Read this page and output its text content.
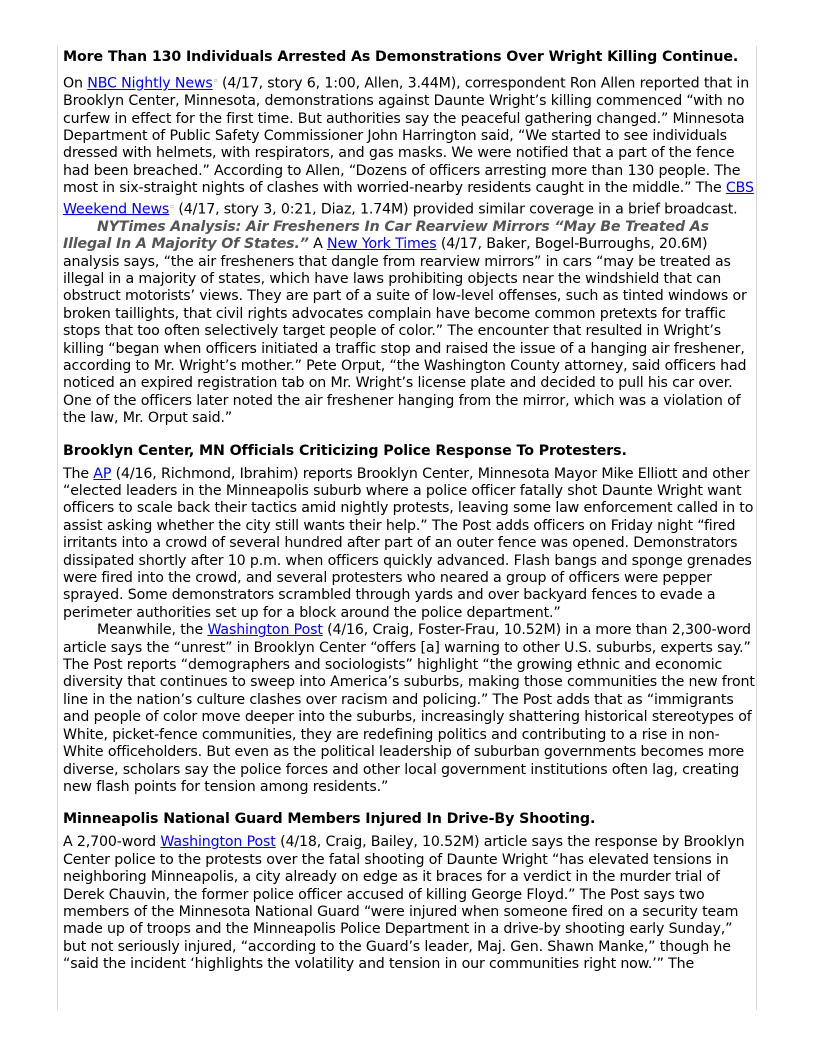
More Than 130 Individuals Arrested As Demonstrations Over Wright Killing Continue.

On NBC Nightly News▫ (4/17, story 6, 1:00, Allen, 3.44M), correspondent Ron Allen reported that in Brooklyn Center, Minnesota, demonstrations against Daunte Wright’s killing commenced “with no curfew in effect for the first time. But authorities say the peaceful gathering changed.” Minnesota Department of Public Safety Commissioner John Harrington said, “We started to see individuals dressed with helmets, with respirators, and gas masks. We were notified that a part of the fence had been breached.” According to Allen, “Dozens of officers arresting more than 130 people. The most in six-straight nights of clashes with worried-nearby residents caught in the middle.” The CBS Weekend News▫ (4/17, story 3, 0:21, Diaz, 1.74M) provided similar coverage in a brief broadcast.

NYTimes Analysis: Air Fresheners In Car Rearview Mirrors “May Be Treated As Illegal In A Majority Of States.” A New York Times (4/17, Baker, Bogel-Burroughs, 20.6M) analysis says, “the air fresheners that dangle from rearview mirrors” in cars “may be treated as illegal in a majority of states, which have laws prohibiting objects near the windshield that can obstruct motorists’ views. They are part of a suite of low-level offenses, such as tinted windows or broken taillights, that civil rights advocates complain have become common pretexts for traffic stops that too often selectively target people of color.” The encounter that resulted in Wright’s killing “began when officers initiated a traffic stop and raised the issue of a hanging air freshener, according to Mr. Wright’s mother.” Pete Orput, “the Washington County attorney, said officers had noticed an expired registration tab on Mr. Wright’s license plate and decided to pull his car over. One of the officers later noted the air freshener hanging from the mirror, which was a violation of the law, Mr. Orput said.”

Brooklyn Center, MN Officials Criticizing Police Response To Protesters.

The AP (4/16, Richmond, Ibrahim) reports Brooklyn Center, Minnesota Mayor Mike Elliott and other “elected leaders in the Minneapolis suburb where a police officer fatally shot Daunte Wright want officers to scale back their tactics amid nightly protests, leaving some law enforcement called in to assist asking whether the city still wants their help.” The Post adds officers on Friday night “fired irritants into a crowd of several hundred after part of an outer fence was opened. Demonstrators dissipated shortly after 10 p.m. when officers quickly advanced. Flash bangs and sponge grenades were fired into the crowd, and several protesters who neared a group of officers were pepper sprayed. Some demonstrators scrambled through yards and over backyard fences to evade a perimeter authorities set up for a block around the police department.”

Meanwhile, the Washington Post (4/16, Craig, Foster-Frau, 10.52M) in a more than 2,300-word article says the “unrest” in Brooklyn Center “offers [a] warning to other U.S. suburbs, experts say.” The Post reports “demographers and sociologists” highlight “the growing ethnic and economic diversity that continues to sweep into America’s suburbs, making those communities the new front line in the nation’s culture clashes over racism and policing.” The Post adds that as “immigrants and people of color move deeper into the suburbs, increasingly shattering historical stereotypes of White, picket-fence communities, they are redefining politics and contributing to a rise in non-White officeholders. But even as the political leadership of suburban governments becomes more diverse, scholars say the police forces and other local government institutions often lag, creating new flash points for tension among residents.”

Minneapolis National Guard Members Injured In Drive-By Shooting.

A 2,700-word Washington Post (4/18, Craig, Bailey, 10.52M) article says the response by Brooklyn Center police to the protests over the fatal shooting of Daunte Wright “has elevated tensions in neighboring Minneapolis, a city already on edge as it braces for a verdict in the murder trial of Derek Chauvin, the former police officer accused of killing George Floyd.” The Post says two members of the Minnesota National Guard “were injured when someone fired on a security team made up of troops and the Minneapolis Police Department in a drive-by shooting early Sunday,” but not seriously injured, “according to the Guard’s leader, Maj. Gen. Shawn Manke,” though he “said the incident ‘highlights the volatility and tension in our communities right now.’” The
